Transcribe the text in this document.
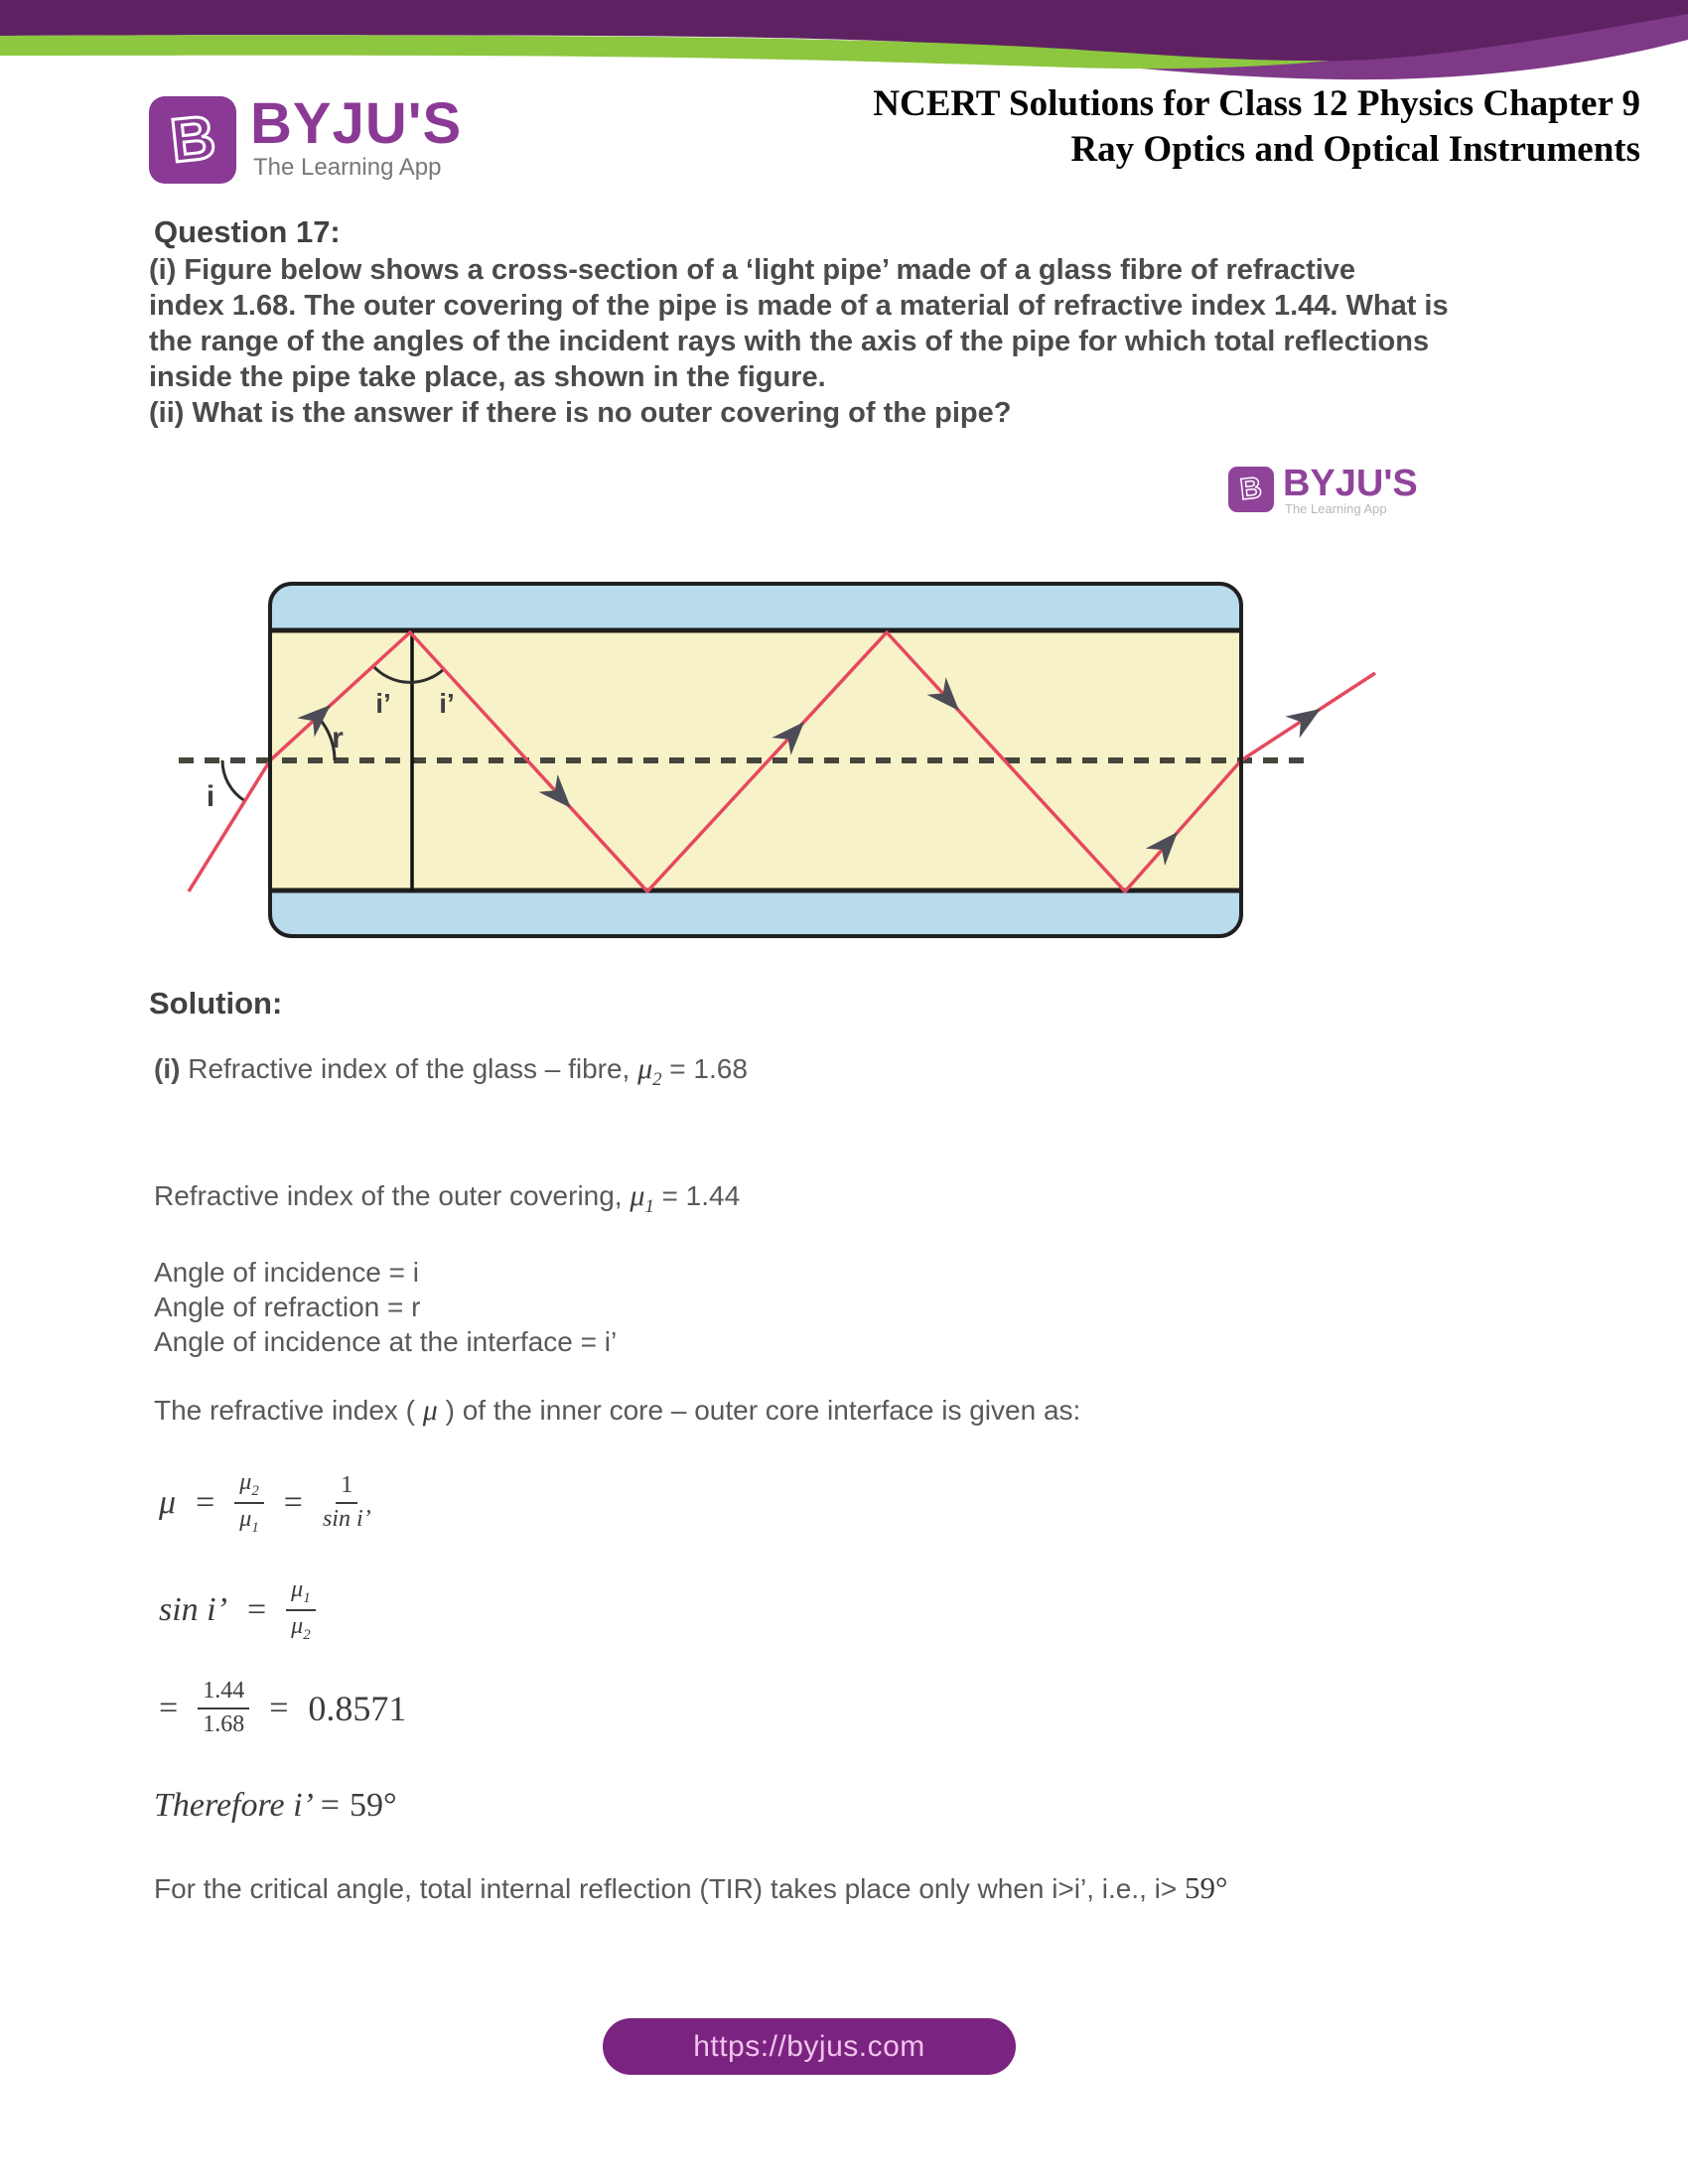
B BYJU'S
The Learning App
NCERT Solutions for Class 12 Physics Chapter 9
Ray Optics and Optical Instruments
Question 17:
(i) Figure below shows a cross-section of a ‘light pipe’ made of a glass fibre of refractive
index 1.68. The outer covering of the pipe is made of a material of refractive index 1.44. What is
the range of the angles of the incident rays with the axis of the pipe for which total reflections
inside the pipe take place, as shown in the figure.
(ii) What is the answer if there is no outer covering of the pipe?
B BYJU'S
The Learning App
i’ i’
r
i
Solution:
(i) Refractive index of the glass – fibre, $\mu_2 = 1.68$
Refractive index of the outer covering, $\mu_1 = 1.44$
Angle of incidence = i
Angle of refraction = r
Angle of incidence at the interface = i’
The refractive index ( μ ) of the inner core – outer core interface is given as:
$\mu = \frac{\mu_2}{\mu_1} = \frac{1}{\text{sin i’}}$
sin i’ = $\frac{\mu_1}{\mu_2}$
= $\frac{1.44}{1.68} = 0.8571$
Therefore i’ = 59°
For the critical angle, total internal reflection (TIR) takes place only when i>i’, i.e., i> 59°
https://byjus.com
